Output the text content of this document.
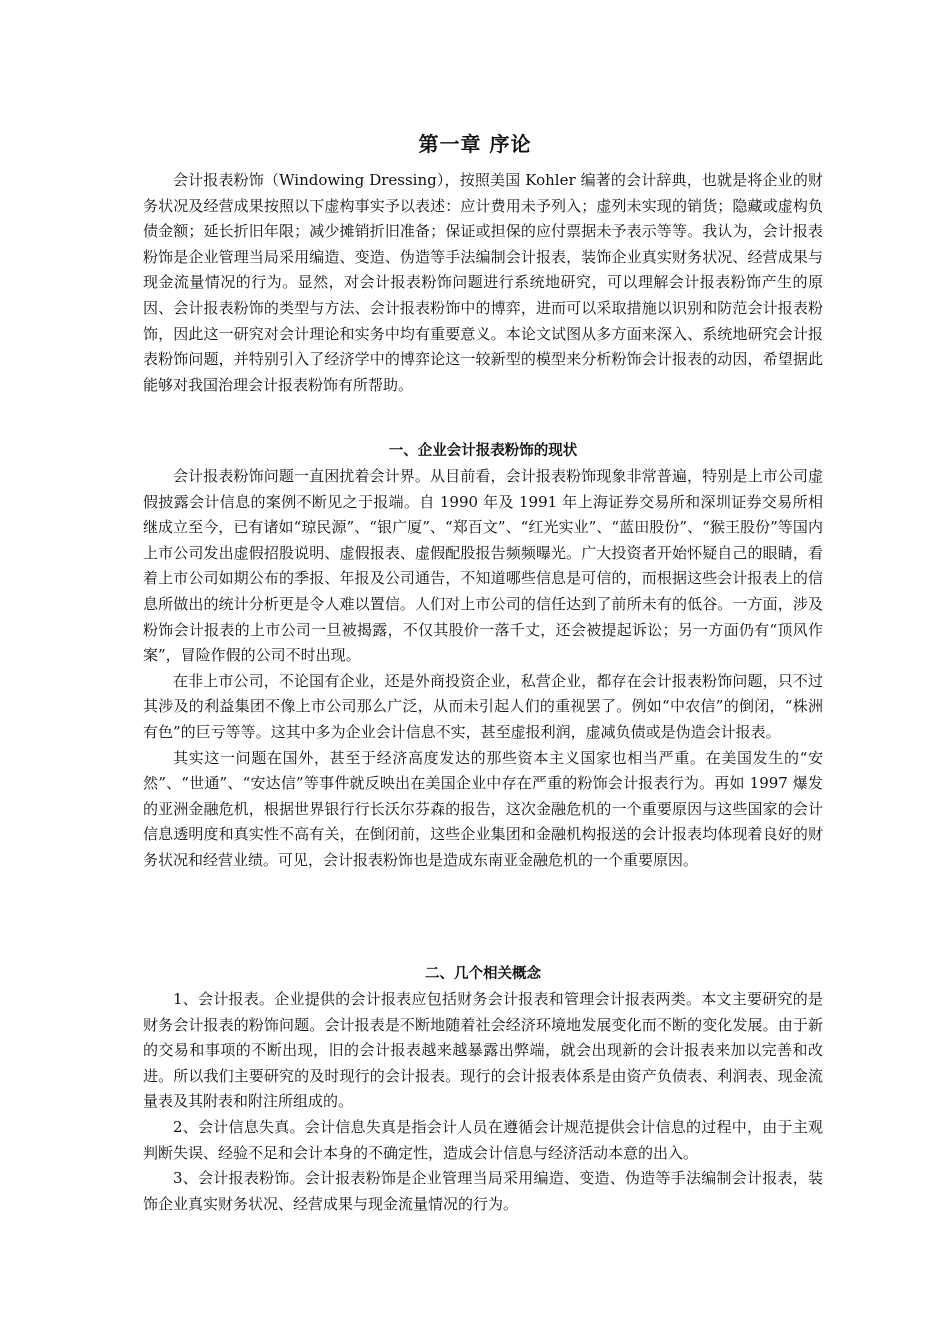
第一章 序论

会计报表粉饰（Windowing Dressing），按照美国 Kohler 编著的会计辞典，也就是将企业的财务状况及经营成果按照以下虚构事实予以表述：应计费用未予列入；虚列未实现的销货；隐藏或虚构负债金额；延长折旧年限；减少摊销折旧准备；保证或担保的应付票据未予表示等等。我认为，会计报表粉饰是企业管理当局采用编造、变造、伪造等手法编制会计报表，装饰企业真实财务状况、经营成果与现金流量情况的行为。显然，对会计报表粉饰问题进行系统地研究，可以理解会计报表粉饰产生的原因、会计报表粉饰的类型与方法、会计报表粉饰中的博弈，进而可以采取措施以识别和防范会计报表粉饰，因此这一研究对会计理论和实务中均有重要意义。本论文试图从多方面来深入、系统地研究会计报表粉饰问题，并特别引入了经济学中的博弈论这一较新型的模型来分析粉饰会计报表的动因，希望据此能够对我国治理会计报表粉饰有所帮助。

一、企业会计报表粉饰的现状

会计报表粉饰问题一直困扰着会计界。从目前看，会计报表粉饰现象非常普遍，特别是上市公司虚假披露会计信息的案例不断见之于报端。自 1990 年及 1991 年上海证券交易所和深圳证券交易所相继成立至今，已有诸如“琼民源”、“银广厦”、“郑百文”、“红光实业”、“蓝田股份”、“猴王股份”等国内上市公司发出虚假招股说明、虚假报表、虚假配股报告频频曝光。广大投资者开始怀疑自己的眼睛，看着上市公司如期公布的季报、年报及公司通告，不知道哪些信息是可信的，而根据这些会计报表上的信息所做出的统计分析更是令人难以置信。人们对上市公司的信任达到了前所未有的低谷。一方面，涉及粉饰会计报表的上市公司一旦被揭露，不仅其股价一落千丈，还会被提起诉讼；另一方面仍有“顶风作案”，冒险作假的公司不时出现。

在非上市公司，不论国有企业，还是外商投资企业，私营企业，都存在会计报表粉饰问题，只不过其涉及的利益集团不像上市公司那么广泛，从而未引起人们的重视罢了。例如“中农信”的倒闭，“株洲有色”的巨亏等等。这其中多为企业会计信息不实，甚至虚报利润，虚减负债或是伪造会计报表。

其实这一问题在国外，甚至于经济高度发达的那些资本主义国家也相当严重。在美国发生的“安然”、“世通”、“安达信”等事件就反映出在美国企业中存在严重的粉饰会计报表行为。再如 1997 爆发的亚洲金融危机，根据世界银行行长沃尔芬森的报告，这次金融危机的一个重要原因与这些国家的会计信息透明度和真实性不高有关，在倒闭前，这些企业集团和金融机构报送的会计报表均体现着良好的财务状况和经营业绩。可见，会计报表粉饰也是造成东南亚金融危机的一个重要原因。

二、几个相关概念

1、会计报表。企业提供的会计报表应包括财务会计报表和管理会计报表两类。本文主要研究的是财务会计报表的粉饰问题。会计报表是不断地随着社会经济环境地发展变化而不断的变化发展。由于新的交易和事项的不断出现，旧的会计报表越来越暴露出弊端，就会出现新的会计报表来加以完善和改进。所以我们主要研究的及时现行的会计报表。现行的会计报表体系是由资产负债表、利润表、现金流量表及其附表和附注所组成的。

2、会计信息失真。会计信息失真是指会计人员在遵循会计规范提供会计信息的过程中，由于主观判断失误、经验不足和会计本身的不确定性，造成会计信息与经济活动本意的出入。

3、会计报表粉饰。会计报表粉饰是企业管理当局采用编造、变造、伪造等手法编制会计报表，装饰企业真实财务状况、经营成果与现金流量情况的行为。
